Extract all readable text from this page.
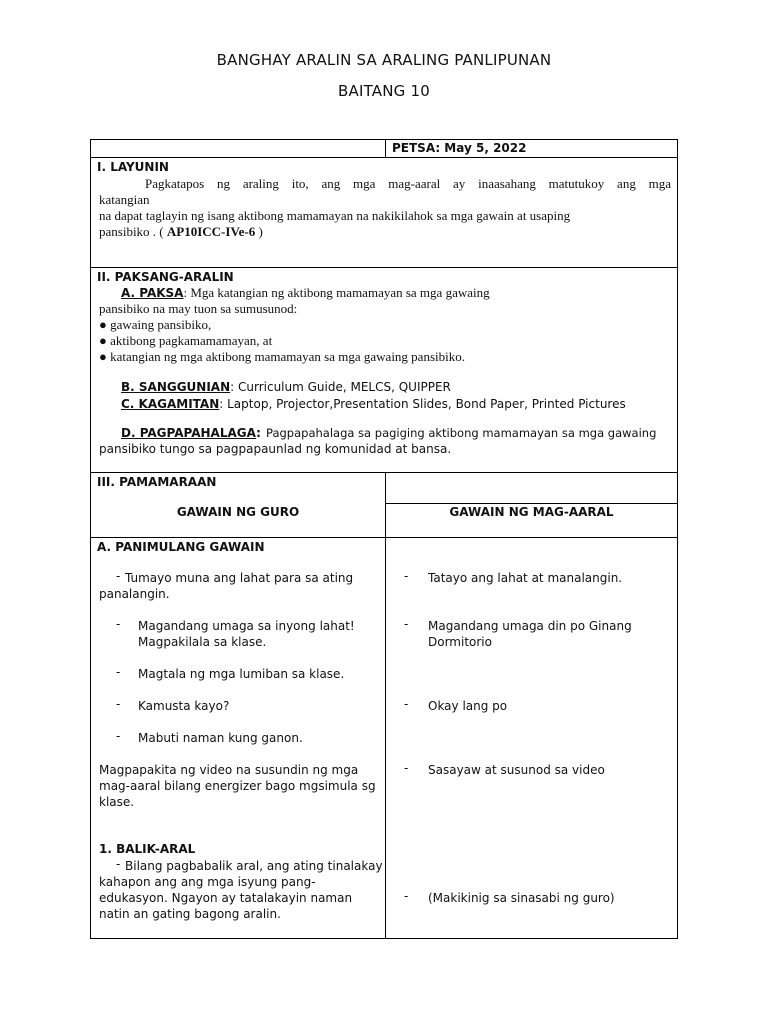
BANGHAY ARALIN SA ARALING PANLIPUNAN
BAITANG 10
PETSA: May 5, 2022
I. LAYUNIN
Pagkatapos ng araling ito, ang mga mag-aaral ay inaasahang matutukoy ang mga
katangian
na dapat taglayin ng isang aktibong mamamayan na nakikilahok sa mga gawain at usaping
pansibiko . ( AP10ICC-IVe-6 )
II. PAKSANG-ARALIN
A. PAKSA: Mga katangian ng aktibong mamamayan sa mga gawaing
pansibiko na may tuon sa sumusunod:
● gawaing pansibiko,
● aktibong pagkamamamayan, at
● katangian ng mga aktibong mamamayan sa mga gawaing pansibiko.
B. SANGGUNIAN: Curriculum Guide, MELCS, QUIPPER
C. KAGAMITAN: Laptop, Projector,Presentation Slides, Bond Paper, Printed Pictures
D. PAGPAPAHALAGA: Pagpapahalaga sa pagiging aktibong mamamayan sa mga gawaing
pansibiko tungo sa pagpapaunlad ng komunidad at bansa.
III. PAMAMARAAN
GAWAIN NG GURO	GAWAIN NG MAG-AARAL
A. PANIMULANG GAWAIN
- Tumayo muna ang lahat para sa ating
panalangin.
- Magandang umaga sa inyong lahat!
Magpakilala sa klase.
- Magtala ng mga lumiban sa klase.
- Kamusta kayo?
- Mabuti naman kung ganon.
Magpapakita ng video na susundin ng mga
mag-aaral bilang energizer bago mgsimula sg
klase.
1. BALIK-ARAL
- Bilang pagbabalik aral, ang ating tinalakay
kahapon ang ang mga isyung pang-
edukasyon. Ngayon ay tatalakayin naman
natin an gating bagong aralin.
- Tatayo ang lahat at manalangin.
- Magandang umaga din po Ginang
Dormitorio
- Okay lang po
- Sasayaw at susunod sa video
- (Makikinig sa sinasabi ng guro)
